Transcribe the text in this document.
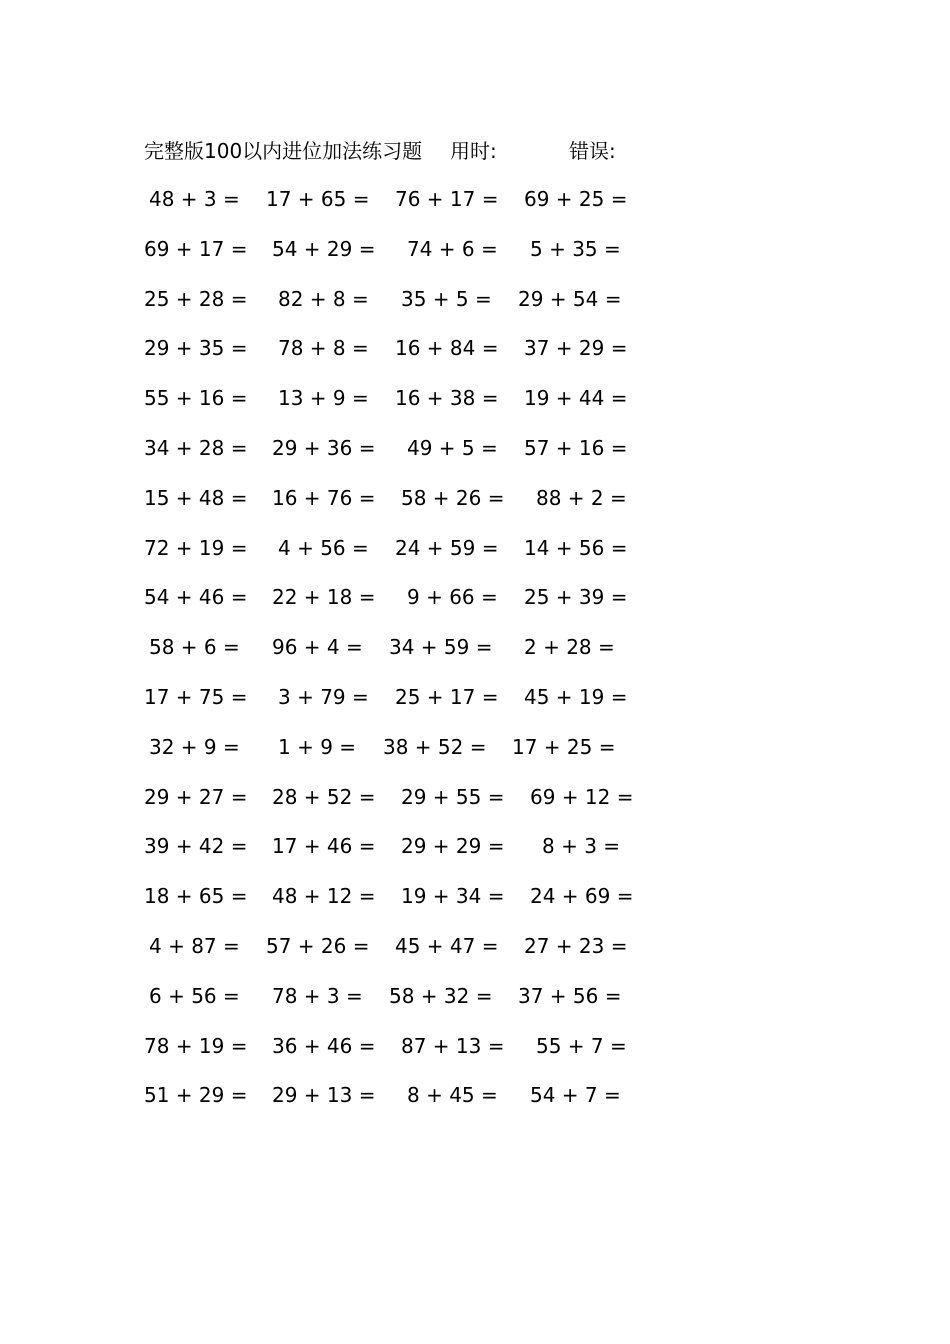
完整版100以内进位加法练习题 用时:	错误:
48 + 3 = 17 + 65 = 76 + 17 = 69 + 25 =
69 + 17 = 54 + 29 = 74 + 6 = 5 + 35 =
25 + 28 = 82 + 8 = 35 + 5 = 29 + 54 =
29 + 35 = 78 + 8 = 16 + 84 = 37 + 29 =
55 + 16 = 13 + 9 = 16 + 38 = 19 + 44 =
34 + 28 = 29 + 36 = 49 + 5 = 57 + 16 =
15 + 48 = 16 + 76 = 58 + 26 = 88 + 2 =
72 + 19 = 4 + 56 = 24 + 59 = 14 + 56 =
54 + 46 = 22 + 18 = 9 + 66 = 25 + 39 =
58 + 6 = 96 + 4 = 34 + 59 = 2 + 28 =
17 + 75 = 3 + 79 = 25 + 17 = 45 + 19 =
32 + 9 = 1 + 9 = 38 + 52 = 17 + 25 =
29 + 27 = 28 + 52 = 29 + 55 = 69 + 12 =
39 + 42 = 17 + 46 = 29 + 29 = 8 + 3 =
18 + 65 = 48 + 12 = 19 + 34 = 24 + 69 =
4 + 87 = 57 + 26 = 45 + 47 = 27 + 23 =
6 + 56 = 78 + 3 = 58 + 32 = 37 + 56 =
78 + 19 = 36 + 46 = 87 + 13 = 55 + 7 =
51 + 29 = 29 + 13 = 8 + 45 = 54 + 7 =
